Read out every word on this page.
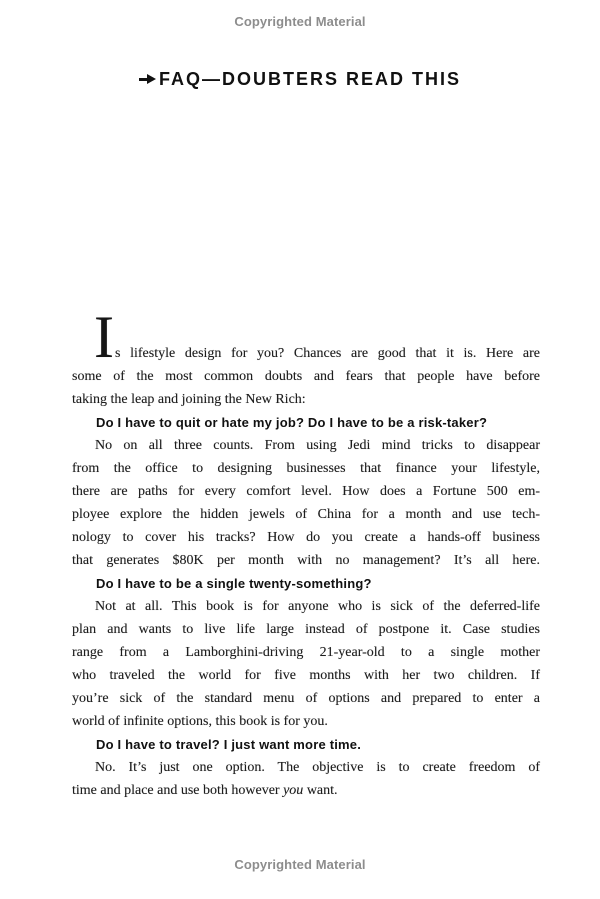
Copyrighted Material
FAQ—DOUBTERS READ THIS
Is lifestyle design for you? Chances are good that it is. Here are
some of the most common doubts and fears that people have before
taking the leap and joining the New Rich:
Do I have to quit or hate my job? Do I have to be a risk-taker?
No on all three counts. From using Jedi mind tricks to disappear
from the office to designing businesses that finance your lifestyle,
there are paths for every comfort level. How does a Fortune 500 em-
ployee explore the hidden jewels of China for a month and use tech-
nology to cover his tracks? How do you create a hands-off business
that generates $80K per month with no management? It’s all here.
Do I have to be a single twenty-something?
Not at all. This book is for anyone who is sick of the deferred-life
plan and wants to live life large instead of postpone it. Case studies
range from a Lamborghini-driving 21-year-old to a single mother
who traveled the world for five months with her two children. If
you’re sick of the standard menu of options and prepared to enter a
world of infinite options, this book is for you.
Do I have to travel? I just want more time.
No. It’s just one option. The objective is to create freedom of
time and place and use both however you want.
Copyrighted Material
